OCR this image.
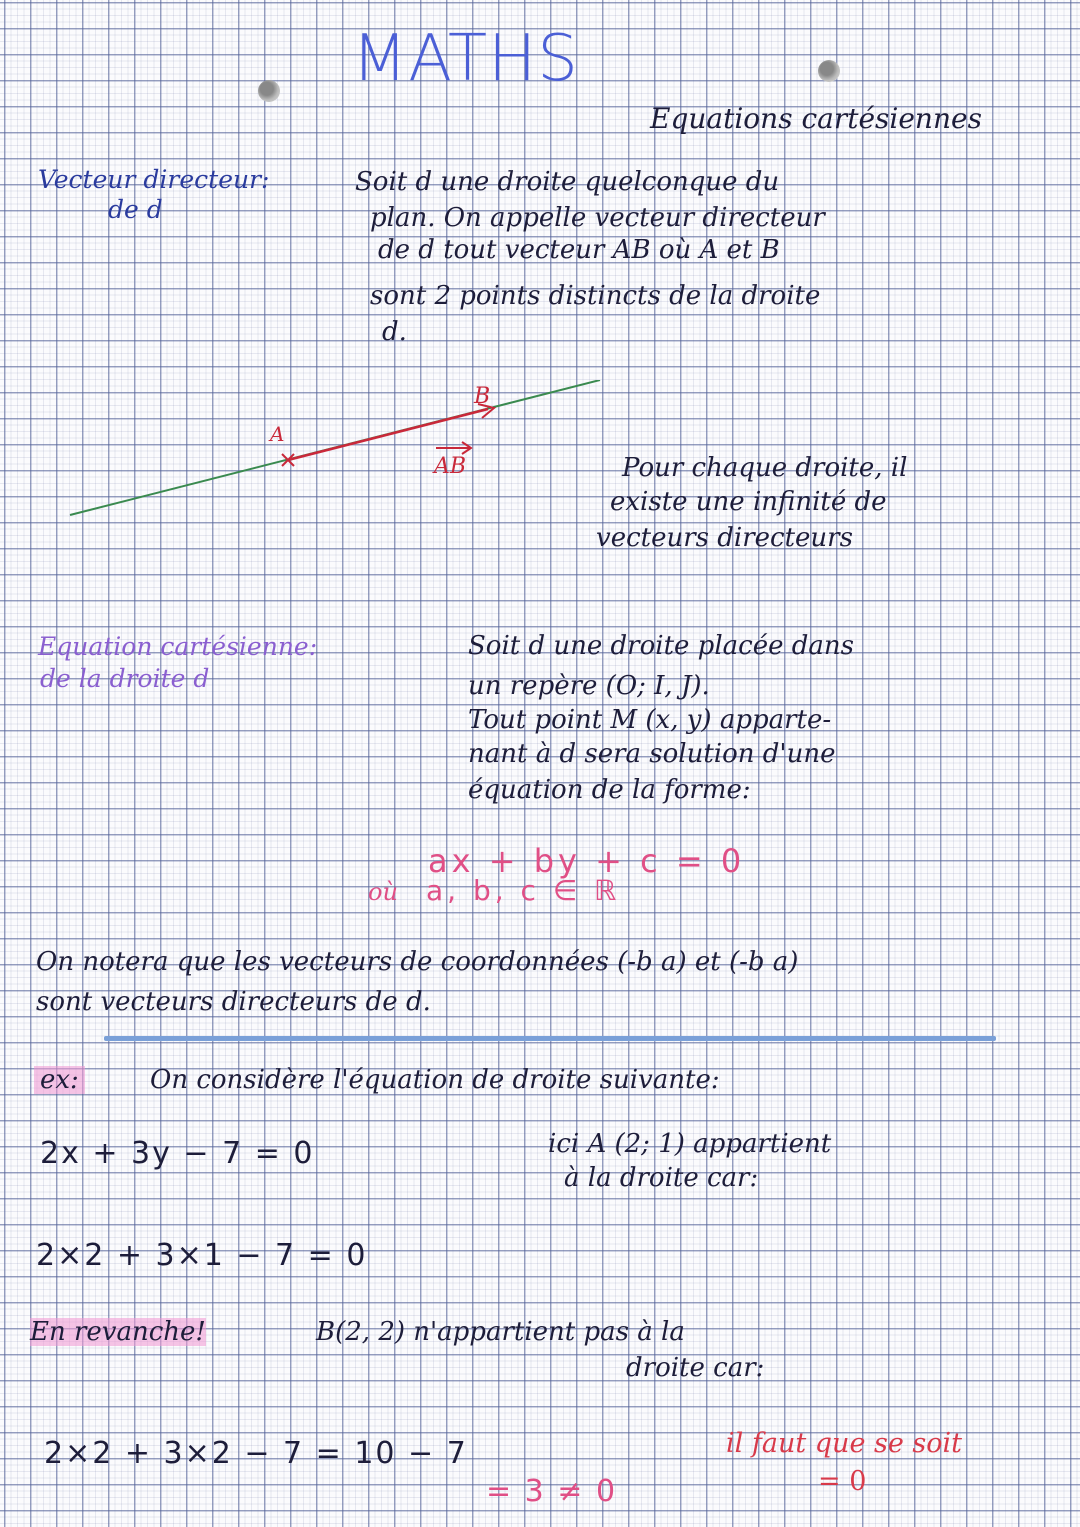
MATHS
Equations cartésiennes
Vecteur directeur:
de d
Soit d une droite quelconque du
plan. On appelle vecteur directeur
de d tout vecteur AB où A et B
sont 2 points distincts de la droite
d.
A
B
AB	Pour chaque droite, il
existe une infinité de
vecteurs directeurs
Equation cartésienne:
de la droite d
Soit d une droite placée dans
un repère (O; I, J).
Tout point M (x, y) apparte-
nant à d sera solution d'une
équation de la forme:
ax + by + c = 0
où a, b, c ∈ ℝ
On notera que les vecteurs de coordonnées (-b a) et (-b a)
sont vecteurs directeurs de d.
ex:	On considère l'équation de droite suivante:
2x + 3y − 7 = 0	ici A (2; 1) appartient
à la droite car:
2×2 + 3×1 − 7 = 0
En revanche!	B(2, 2) n'appartient pas à la
droite car:
2×2 + 3×2 − 7 = 10 − 7
= 3 ≠ 0
il faut que se soit
= 0
